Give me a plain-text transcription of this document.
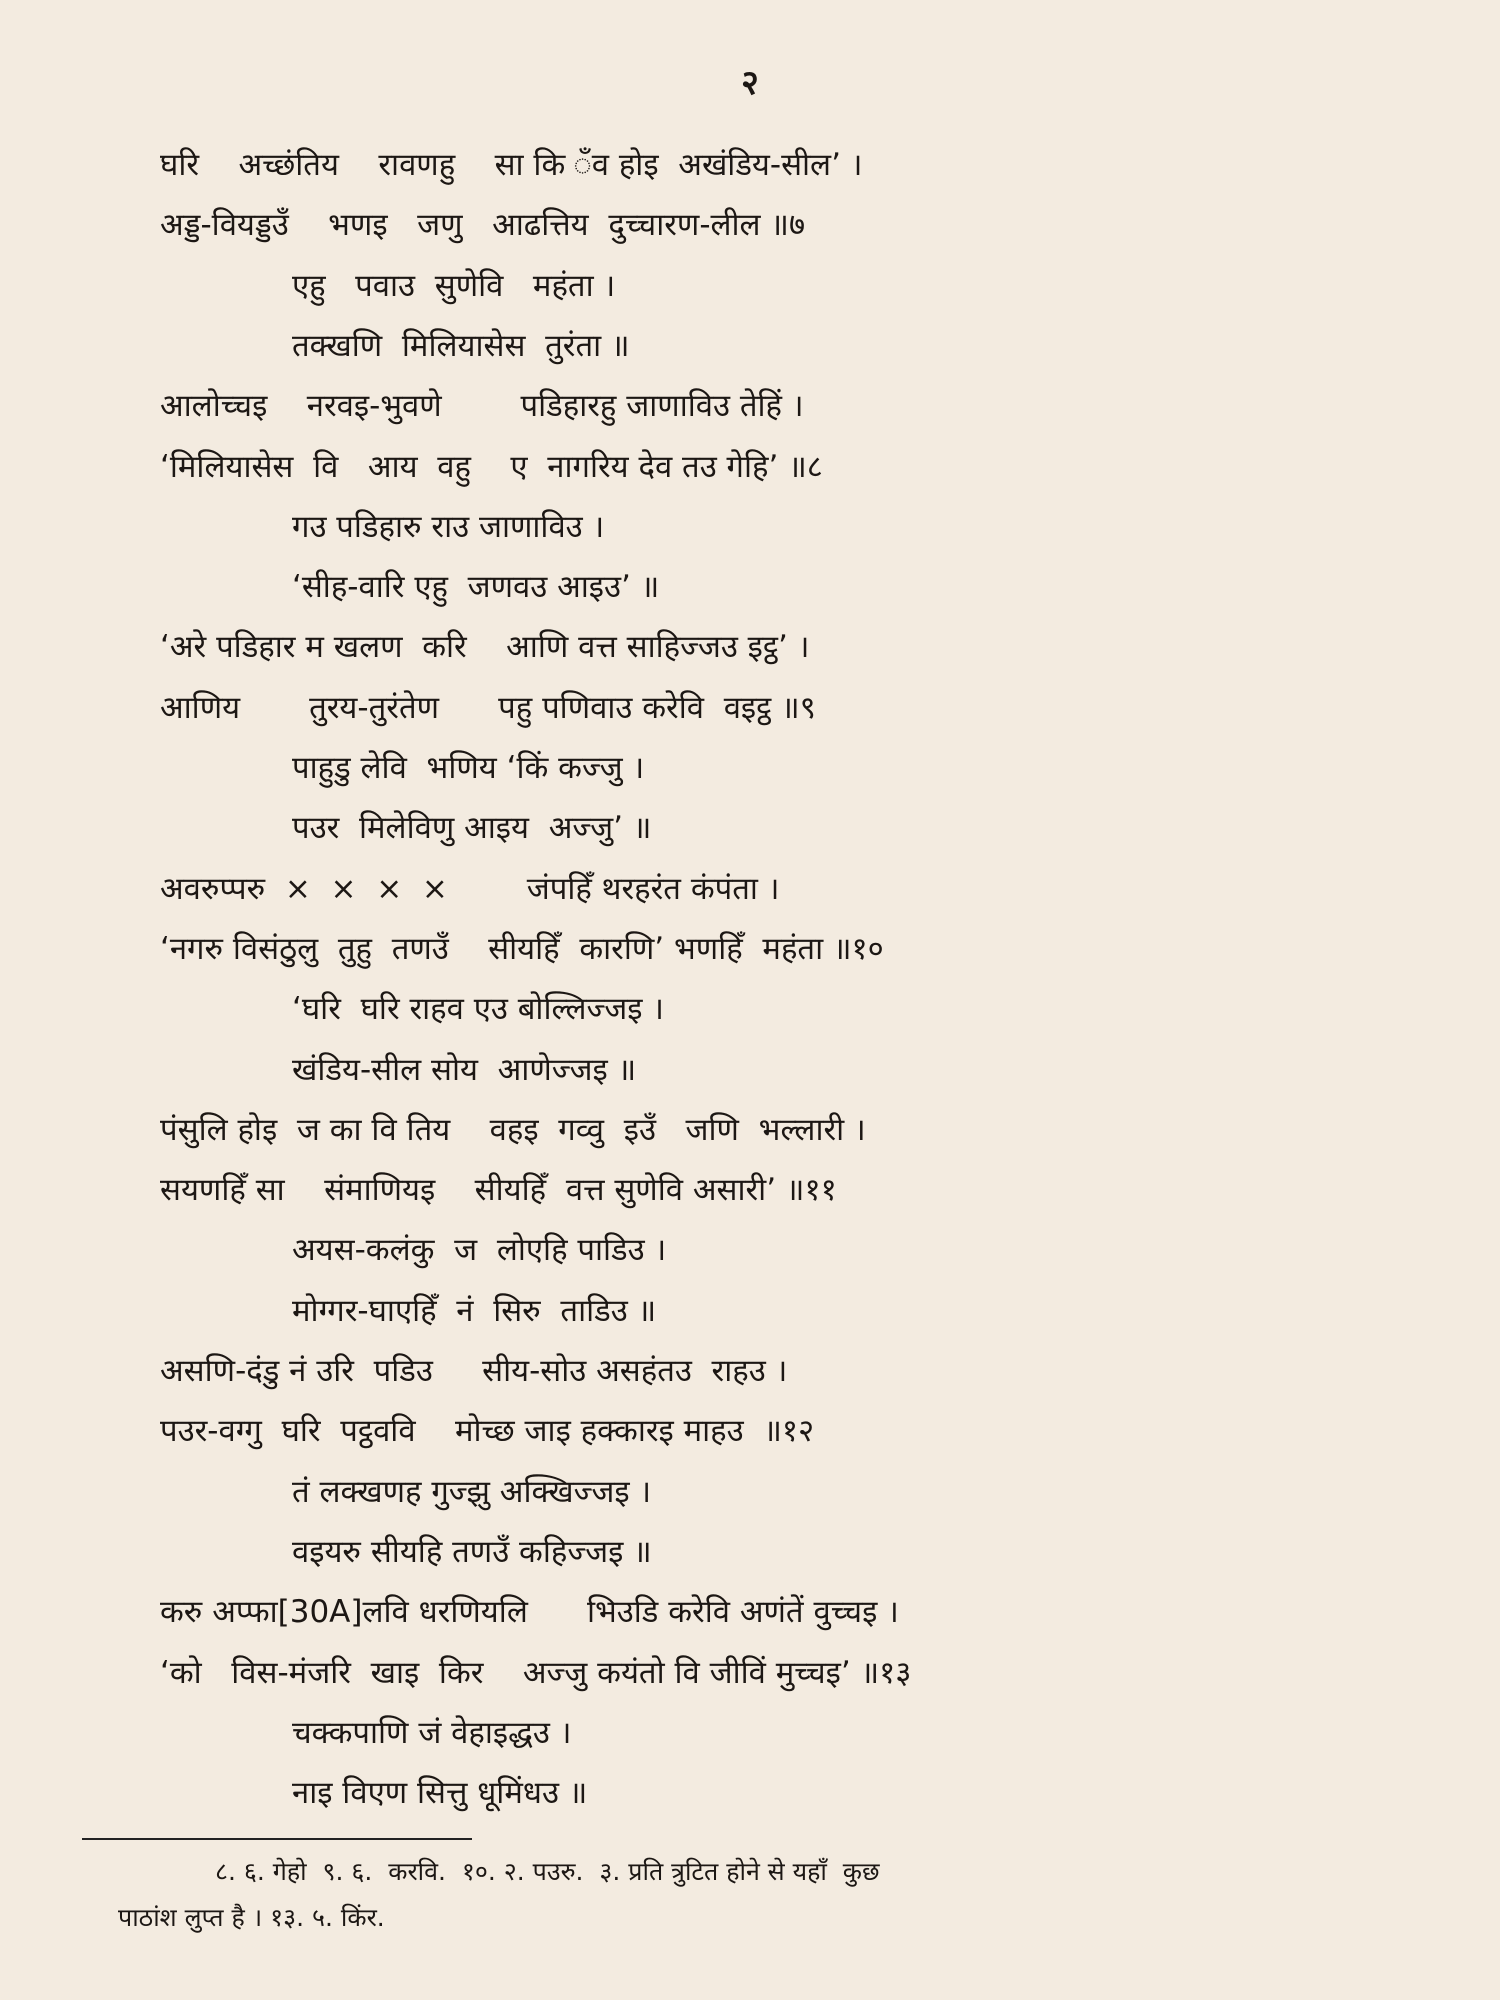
२
घरि    अच्छंतिय    रावणहु    सा कि ँव होइ  अखंडिय-सील’ ।
अड्ड-वियड्डउँ    भणइ   जणु   आढत्तिय  दुच्चारण-लील ॥७
एहु   पवाउ  सुणेवि   महंता ।
तक्खणि  मिलियासेस  तुरंता ॥
आलोच्चइ    नरवइ-भुवणे        पडिहारहु जाणाविउ तेहिं ।
‘मिलियासेस  वि   आय  वहु    ए  नागरिय देव तउ गेहि’ ॥८
गउ पडिहारु राउ जाणाविउ ।
‘सीह-वारि एहु  जणवउ आइउ’ ॥
‘अरे पडिहार म खलण  करि    आणि वत्त साहिज्जउ इट्ठ’ ।
आणिय       तुरय-तुरंतेण      पहु पणिवाउ करेवि  वइट्ठ ॥९
पाहुडु लेवि  भणिय ‘किं कज्जु ।
पउर  मिलेविणु आइय  अज्जु’ ॥
अवरुप्परु  ×  ×  ×  ×        जंपहिँ थरहरंत कंपंता ।
‘नगरु विसंठुलु  तुहु  तणउँ    सीयहिँ  कारणि’ भणहिँ  महंता ॥१०
‘घरि  घरि राहव एउ बोल्लिज्जइ ।
खंडिय-सील सोय  आणेज्जइ ॥
पंसुलि होइ  ज का वि तिय    वहइ  गव्वु  इउँ   जणि  भल्लारी ।
सयणहिँ सा    संमाणियइ    सीयहिँ  वत्त सुणेवि असारी’ ॥११
अयस-कलंकु  ज  लोएहि पाडिउ ।
मोग्गर-घाएहिँ  नं  सिरु  ताडिउ ॥
असणि-दंडु नं उरि  पडिउ     सीय-सोउ असहंतउ  राहउ ।
पउर-वग्गु  घरि  पट्ठववि    मोच्छ जाइ हक्कारइ माहउ  ॥१२
तं लक्खणह गुज्झु अक्खिज्जइ ।
वइयरु सीयहि तणउँ कहिज्जइ ॥
करु अप्फा[30A]लवि धरणियलि      भिउडि करेवि अणंतें वुच्चइ ।
‘को   विस-मंजरि  खाइ  किर    अज्जु कयंतो वि जीविं मुच्चइ’ ॥१३
चक्कपाणि जं वेहाइद्धउ ।
नाइ विएण सित्तु धूमिंधउ ॥
८. ६. गेहो  ९. ६.  करवि.  १०. २. पउरु.  ३. प्रति त्रुटित होने से यहाँ  कुछ
पाठांश लुप्त है । १३. ५. किंर.
